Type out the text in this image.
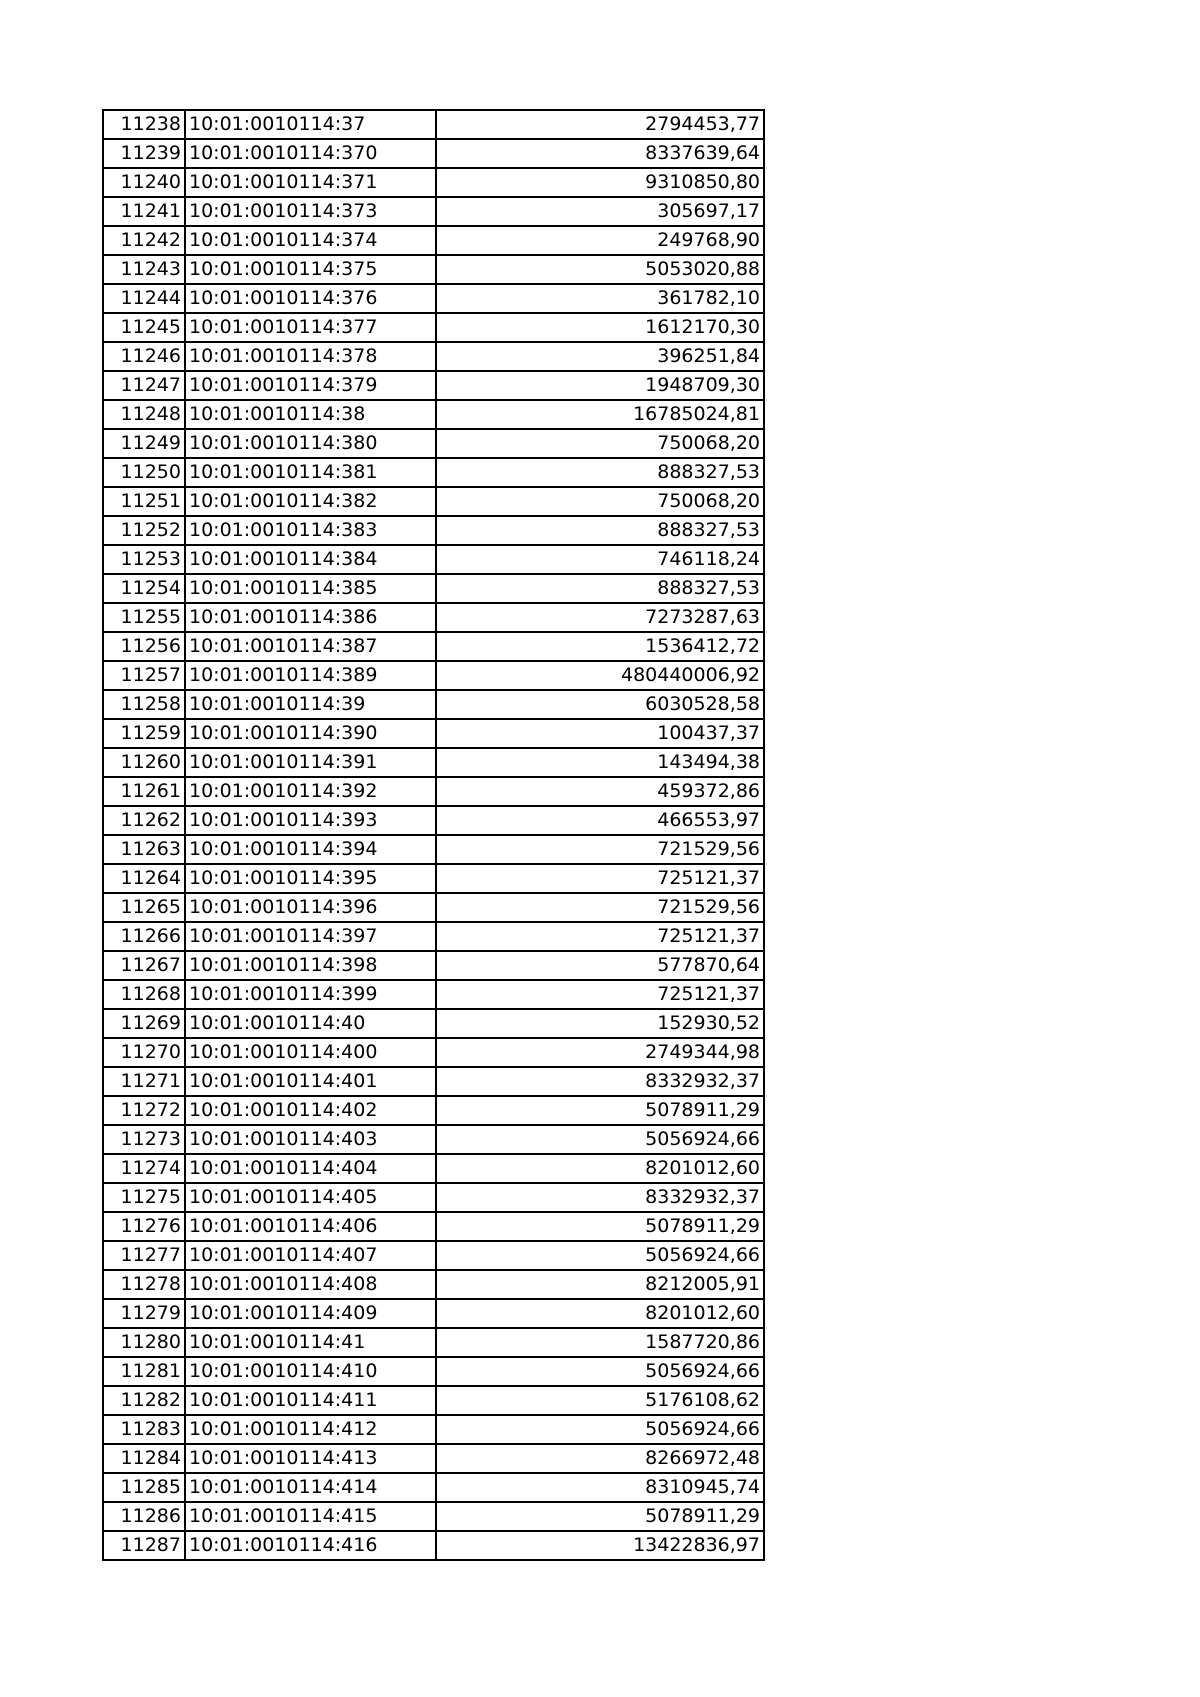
11238	10:01:0010114:37	2794453,77
11239	10:01:0010114:370	8337639,64
11240	10:01:0010114:371	9310850,80
11241	10:01:0010114:373	305697,17
11242	10:01:0010114:374	249768,90
11243	10:01:0010114:375	5053020,88
11244	10:01:0010114:376	361782,10
11245	10:01:0010114:377	1612170,30
11246	10:01:0010114:378	396251,84
11247	10:01:0010114:379	1948709,30
11248	10:01:0010114:38	16785024,81
11249	10:01:0010114:380	750068,20
11250	10:01:0010114:381	888327,53
11251	10:01:0010114:382	750068,20
11252	10:01:0010114:383	888327,53
11253	10:01:0010114:384	746118,24
11254	10:01:0010114:385	888327,53
11255	10:01:0010114:386	7273287,63
11256	10:01:0010114:387	1536412,72
11257	10:01:0010114:389	480440006,92
11258	10:01:0010114:39	6030528,58
11259	10:01:0010114:390	100437,37
11260	10:01:0010114:391	143494,38
11261	10:01:0010114:392	459372,86
11262	10:01:0010114:393	466553,97
11263	10:01:0010114:394	721529,56
11264	10:01:0010114:395	725121,37
11265	10:01:0010114:396	721529,56
11266	10:01:0010114:397	725121,37
11267	10:01:0010114:398	577870,64
11268	10:01:0010114:399	725121,37
11269	10:01:0010114:40	152930,52
11270	10:01:0010114:400	2749344,98
11271	10:01:0010114:401	8332932,37
11272	10:01:0010114:402	5078911,29
11273	10:01:0010114:403	5056924,66
11274	10:01:0010114:404	8201012,60
11275	10:01:0010114:405	8332932,37
11276	10:01:0010114:406	5078911,29
11277	10:01:0010114:407	5056924,66
11278	10:01:0010114:408	8212005,91
11279	10:01:0010114:409	8201012,60
11280	10:01:0010114:41	1587720,86
11281	10:01:0010114:410	5056924,66
11282	10:01:0010114:411	5176108,62
11283	10:01:0010114:412	5056924,66
11284	10:01:0010114:413	8266972,48
11285	10:01:0010114:414	8310945,74
11286	10:01:0010114:415	5078911,29
11287	10:01:0010114:416	13422836,97
